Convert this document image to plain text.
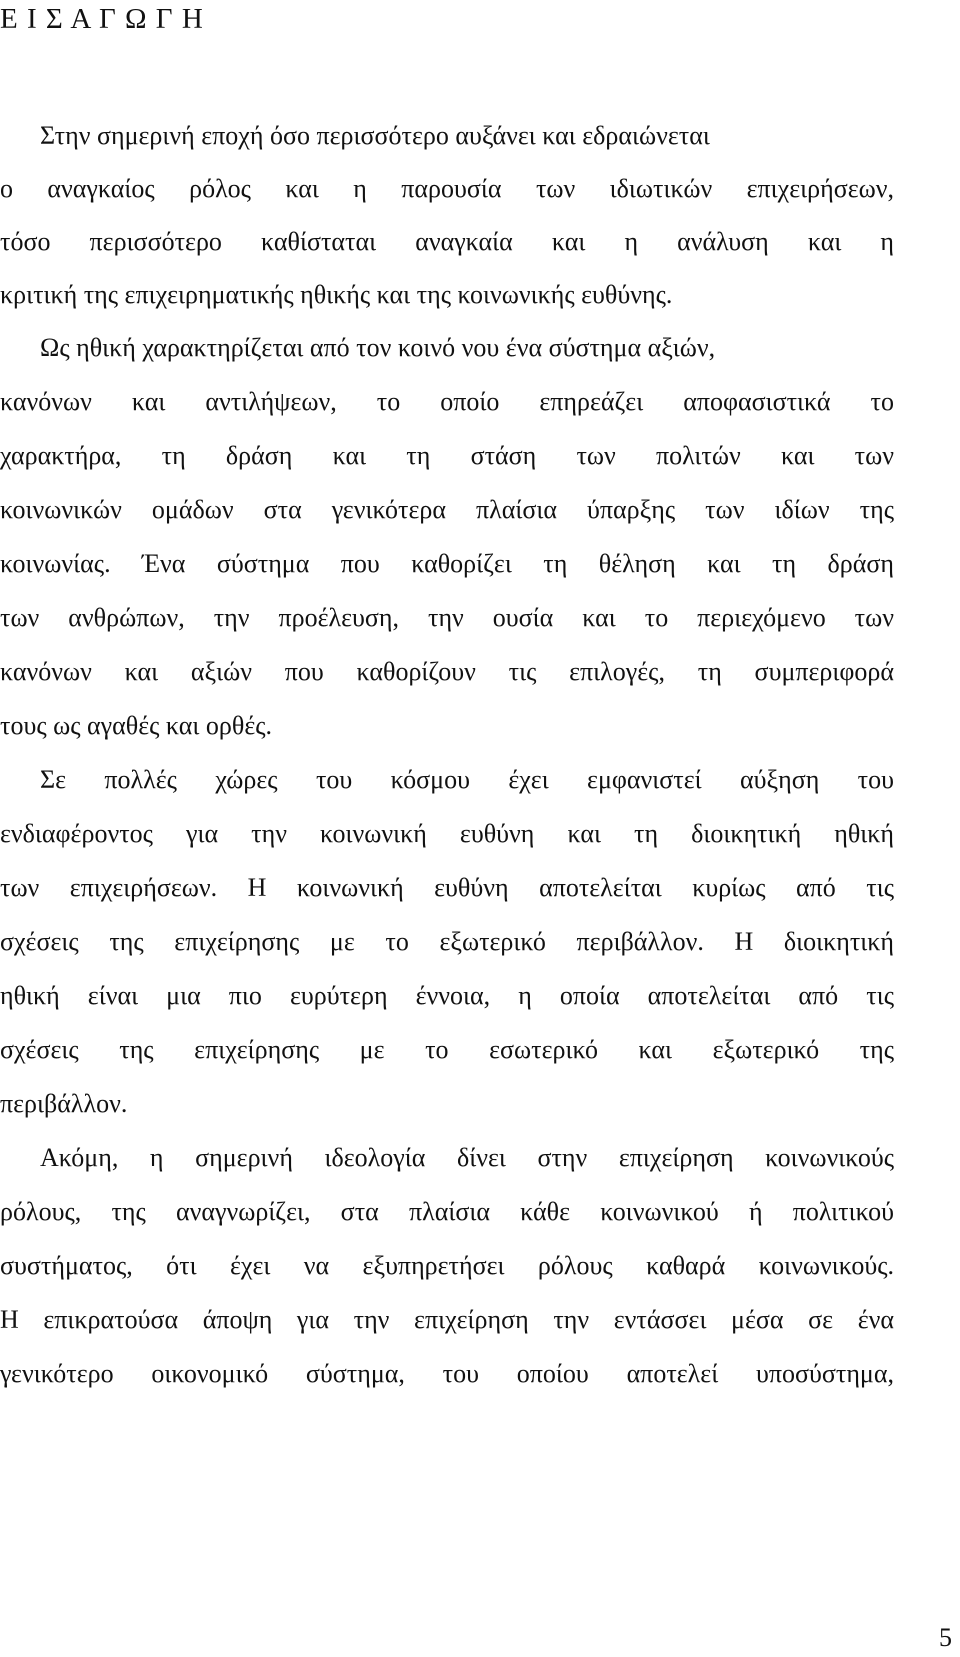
Ε Ι Σ Α Γ Ω Γ Η
Στην σημερινή εποχή όσο περισσότερο αυξάνει και εδραιώνεται
ο αναγκαίος ρόλος και η παρουσία των ιδιωτικών επιχειρήσεων,
τόσο περισσότερο καθίσταται αναγκαία και η ανάλυση και η
κριτική της επιχειρηματικής ηθικής και της κοινωνικής ευθύνης.
Ως ηθική χαρακτηρίζεται από τον κοινό νου ένα σύστημα αξιών,
κανόνων και αντιλήψεων, το οποίο επηρεάζει αποφασιστικά το
χαρακτήρα, τη δράση και τη στάση των πολιτών και των
κοινωνικών ομάδων στα γενικότερα πλαίσια ύπαρξης των ιδίων της
κοινωνίας. Ένα σύστημα που καθορίζει τη θέληση και τη δράση
των ανθρώπων, την προέλευση, την ουσία και το περιεχόμενο των
κανόνων και αξιών που καθορίζουν τις επιλογές, τη συμπεριφορά
τους ως αγαθές και ορθές.
Σε πολλές χώρες του κόσμου έχει εμφανιστεί αύξηση του
ενδιαφέροντος για την κοινωνική ευθύνη και τη διοικητική ηθική
των επιχειρήσεων. Η κοινωνική ευθύνη αποτελείται κυρίως από τις
σχέσεις της επιχείρησης με το εξωτερικό περιβάλλον. Η διοικητική
ηθική είναι μια πιο ευρύτερη έννοια, η οποία αποτελείται από τις
σχέσεις της επιχείρησης με το εσωτερικό και εξωτερικό της
περιβάλλον.
Ακόμη, η σημερινή ιδεολογία δίνει στην επιχείρηση κοινωνικούς
ρόλους, της αναγνωρίζει, στα πλαίσια κάθε κοινωνικού ή πολιτικού
συστήματος, ότι έχει να εξυπηρετήσει ρόλους καθαρά κοινωνικούς.
Η επικρατούσα άποψη για την επιχείρηση την εντάσσει μέσα σε ένα
γενικότερο οικονομικό σύστημα, του οποίου αποτελεί υποσύστημα,
5
